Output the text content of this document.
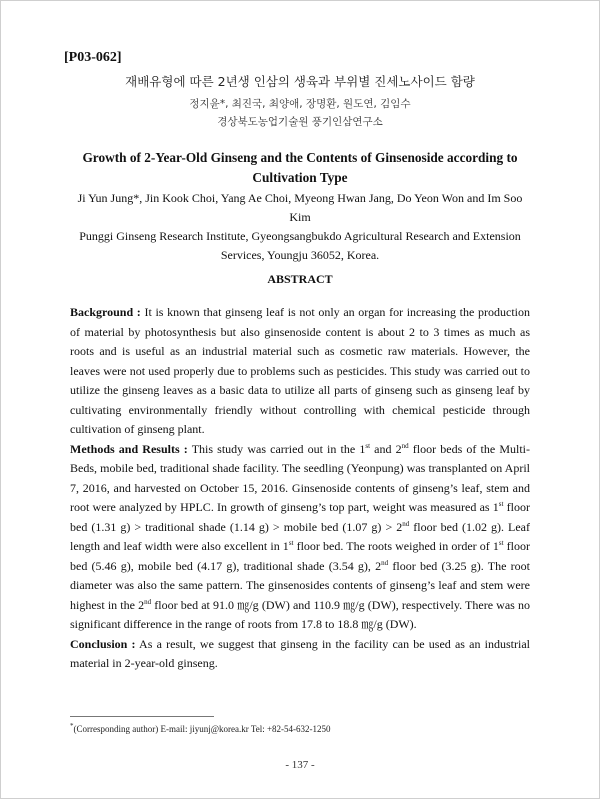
[P03-062]
재배유형에 따른 2년생 인삼의 생육과 부위별 진세노사이드 함량
정지윤*, 최진국, 최양애, 장명환, 원도연, 김임수
경상북도농업기술원 풍기인삼연구소
Growth of 2-Year-Old Ginseng and the Contents of Ginsenoside according to Cultivation Type
Ji Yun Jung*, Jin Kook Choi, Yang Ae Choi, Myeong Hwan Jang, Do Yeon Won and Im Soo Kim
Punggi Ginseng Research Institute, Gyeongsangbukdo Agricultural Research and Extension Services, Youngju 36052, Korea.
ABSTRACT

Background : It is known that ginseng leaf is not only an organ for increasing the production of material by photosynthesis but also ginsenoside content is about 2 to 3 times as much as roots and is useful as an industrial material such as cosmetic raw materials. However, the leaves were not used properly due to problems such as pesticides. This study was carried out to utilize the ginseng leaves as a basic data to utilize all parts of ginseng such as ginseng leaf by cultivating environmentally friendly without controlling with chemical pesticide through cultivation of ginseng plant.

Methods and Results : This study was carried out in the 1st and 2nd floor beds of the Multi-Beds, mobile bed, traditional shade facility. The seedling (Yeonpung) was transplanted on April 7, 2016, and harvested on October 15, 2016. Ginsenoside contents of ginseng’s leaf, stem and root were analyzed by HPLC. In growth of ginseng’s top part, weight was measured as 1st floor bed (1.31 g) > traditional shade (1.14 g) > mobile bed (1.07 g) > 2nd floor bed (1.02 g). Leaf length and leaf width were also excellent in 1st floor bed. The roots weighed in order of 1st floor bed (5.46 g), mobile bed (4.17 g), traditional shade (3.54 g), 2nd floor bed (3.25 g). The root diameter was also the same pattern. The ginsenosides contents of ginseng’s leaf and stem were highest in the 2nd floor bed at 91.0 ㎎/g (DW) and 110.9 ㎎/g (DW), respectively. There was no significant difference in the range of roots from 17.8 to 18.8 ㎎/g (DW).

Conclusion : As a result, we suggest that ginseng in the facility can be used as an industrial material in 2-year-old ginseng.

*(Corresponding author) E-mail: jiyunj@korea.kr Tel: +82-54-632-1250
- 137 -
